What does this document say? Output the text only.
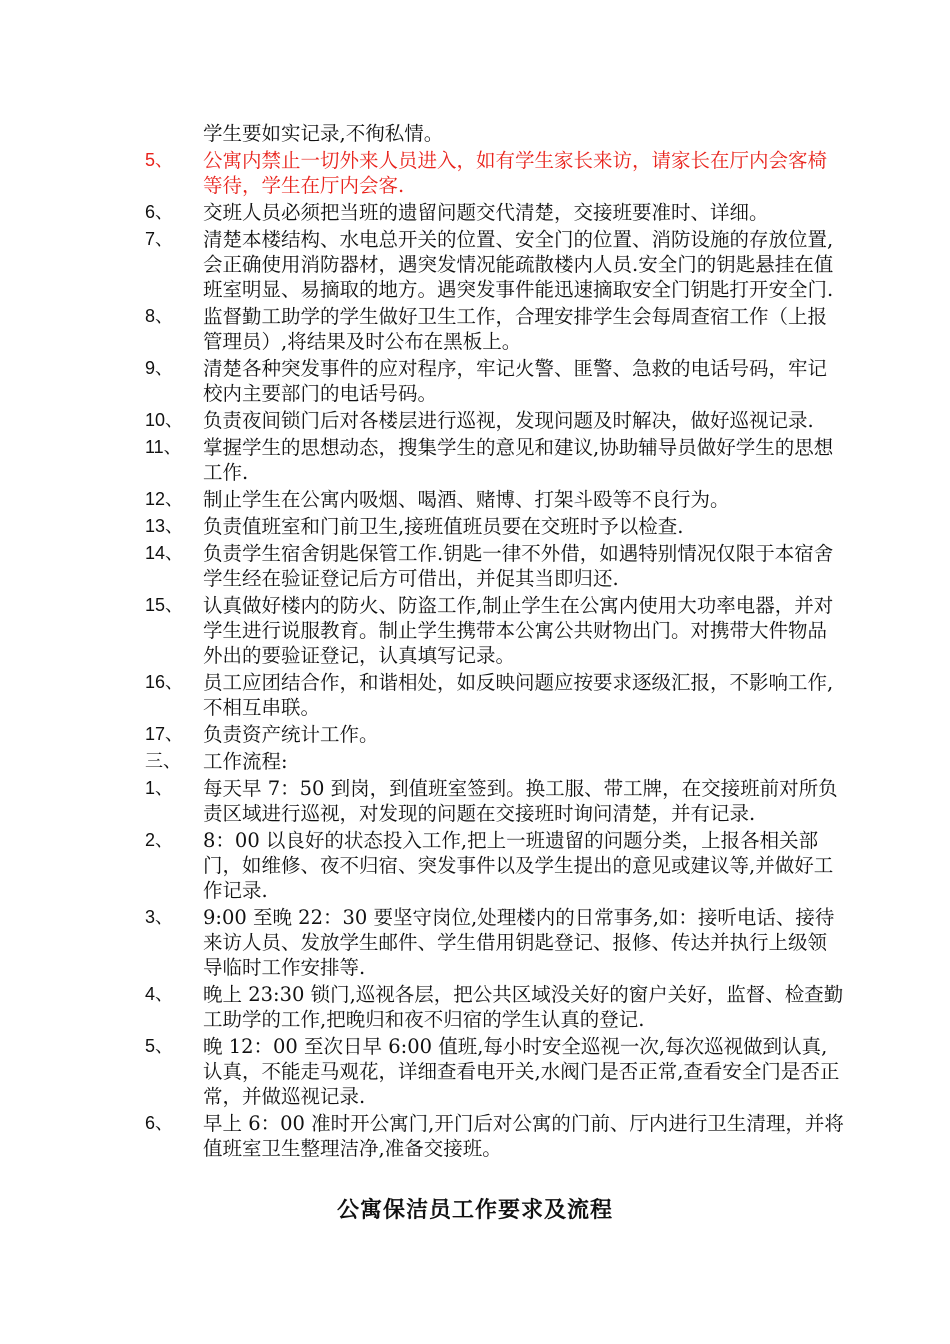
学生要如实记录,不徇私情。
5、 公寓内禁止一切外来人员进入，如有学生家长来访，请家长在厅内会客椅等待，学生在厅内会客.
6、 交班人员必须把当班的遗留问题交代清楚，交接班要准时、详细。
7、 清楚本楼结构、水电总开关的位置、安全门的位置、消防设施的存放位置,会正确使用消防器材，遇突发情况能疏散楼内人员.安全门的钥匙悬挂在值班室明显、易摘取的地方。遇突发事件能迅速摘取安全门钥匙打开安全门.
8、 监督勤工助学的学生做好卫生工作，合理安排学生会每周查宿工作（上报管理员）,将结果及时公布在黑板上。
9、 清楚各种突发事件的应对程序，牢记火警、匪警、急救的电话号码，牢记校内主要部门的电话号码。
10、 负责夜间锁门后对各楼层进行巡视，发现问题及时解决，做好巡视记录.
11、 掌握学生的思想动态，搜集学生的意见和建议,协助辅导员做好学生的思想工作.
12、 制止学生在公寓内吸烟、喝酒、赌博、打架斗殴等不良行为。
13、 负责值班室和门前卫生,接班值班员要在交班时予以检查.
14、 负责学生宿舍钥匙保管工作.钥匙一律不外借，如遇特别情况仅限于本宿舍学生经在验证登记后方可借出，并促其当即归还.
15、 认真做好楼内的防火、防盗工作,制止学生在公寓内使用大功率电器，并对学生进行说服教育。制止学生携带本公寓公共财物出门。对携带大件物品外出的要验证登记，认真填写记录。
16、 员工应团结合作，和谐相处，如反映问题应按要求逐级汇报，不影响工作,不相互串联。
17、 负责资产统计工作。
三、 工作流程:
1、 每天早 7：50 到岗，到值班室签到。换工服、带工牌，在交接班前对所负责区域进行巡视，对发现的问题在交接班时询问清楚，并有记录.
2、 8：00 以良好的状态投入工作,把上一班遗留的问题分类，上报各相关部门，如维修、夜不归宿、突发事件以及学生提出的意见或建议等,并做好工作记录.
3、 9:00 至晚 22：30 要坚守岗位,处理楼内的日常事务,如：接听电话、接待来访人员、发放学生邮件、学生借用钥匙登记、报修、传达并执行上级领导临时工作安排等.
4、 晚上 23:30 锁门,巡视各层，把公共区域没关好的窗户关好，监督、检查勤工助学的工作,把晚归和夜不归宿的学生认真的登记.
5、 晚 12：00 至次日早 6:00 值班,每小时安全巡视一次,每次巡视做到认真,认真，不能走马观花，详细查看电开关,水阀门是否正常,查看安全门是否正常，并做巡视记录.
6、 早上 6：00 准时开公寓门,开门后对公寓的门前、厅内进行卫生清理，并将值班室卫生整理洁净,准备交接班。
公寓保洁员工作要求及流程
